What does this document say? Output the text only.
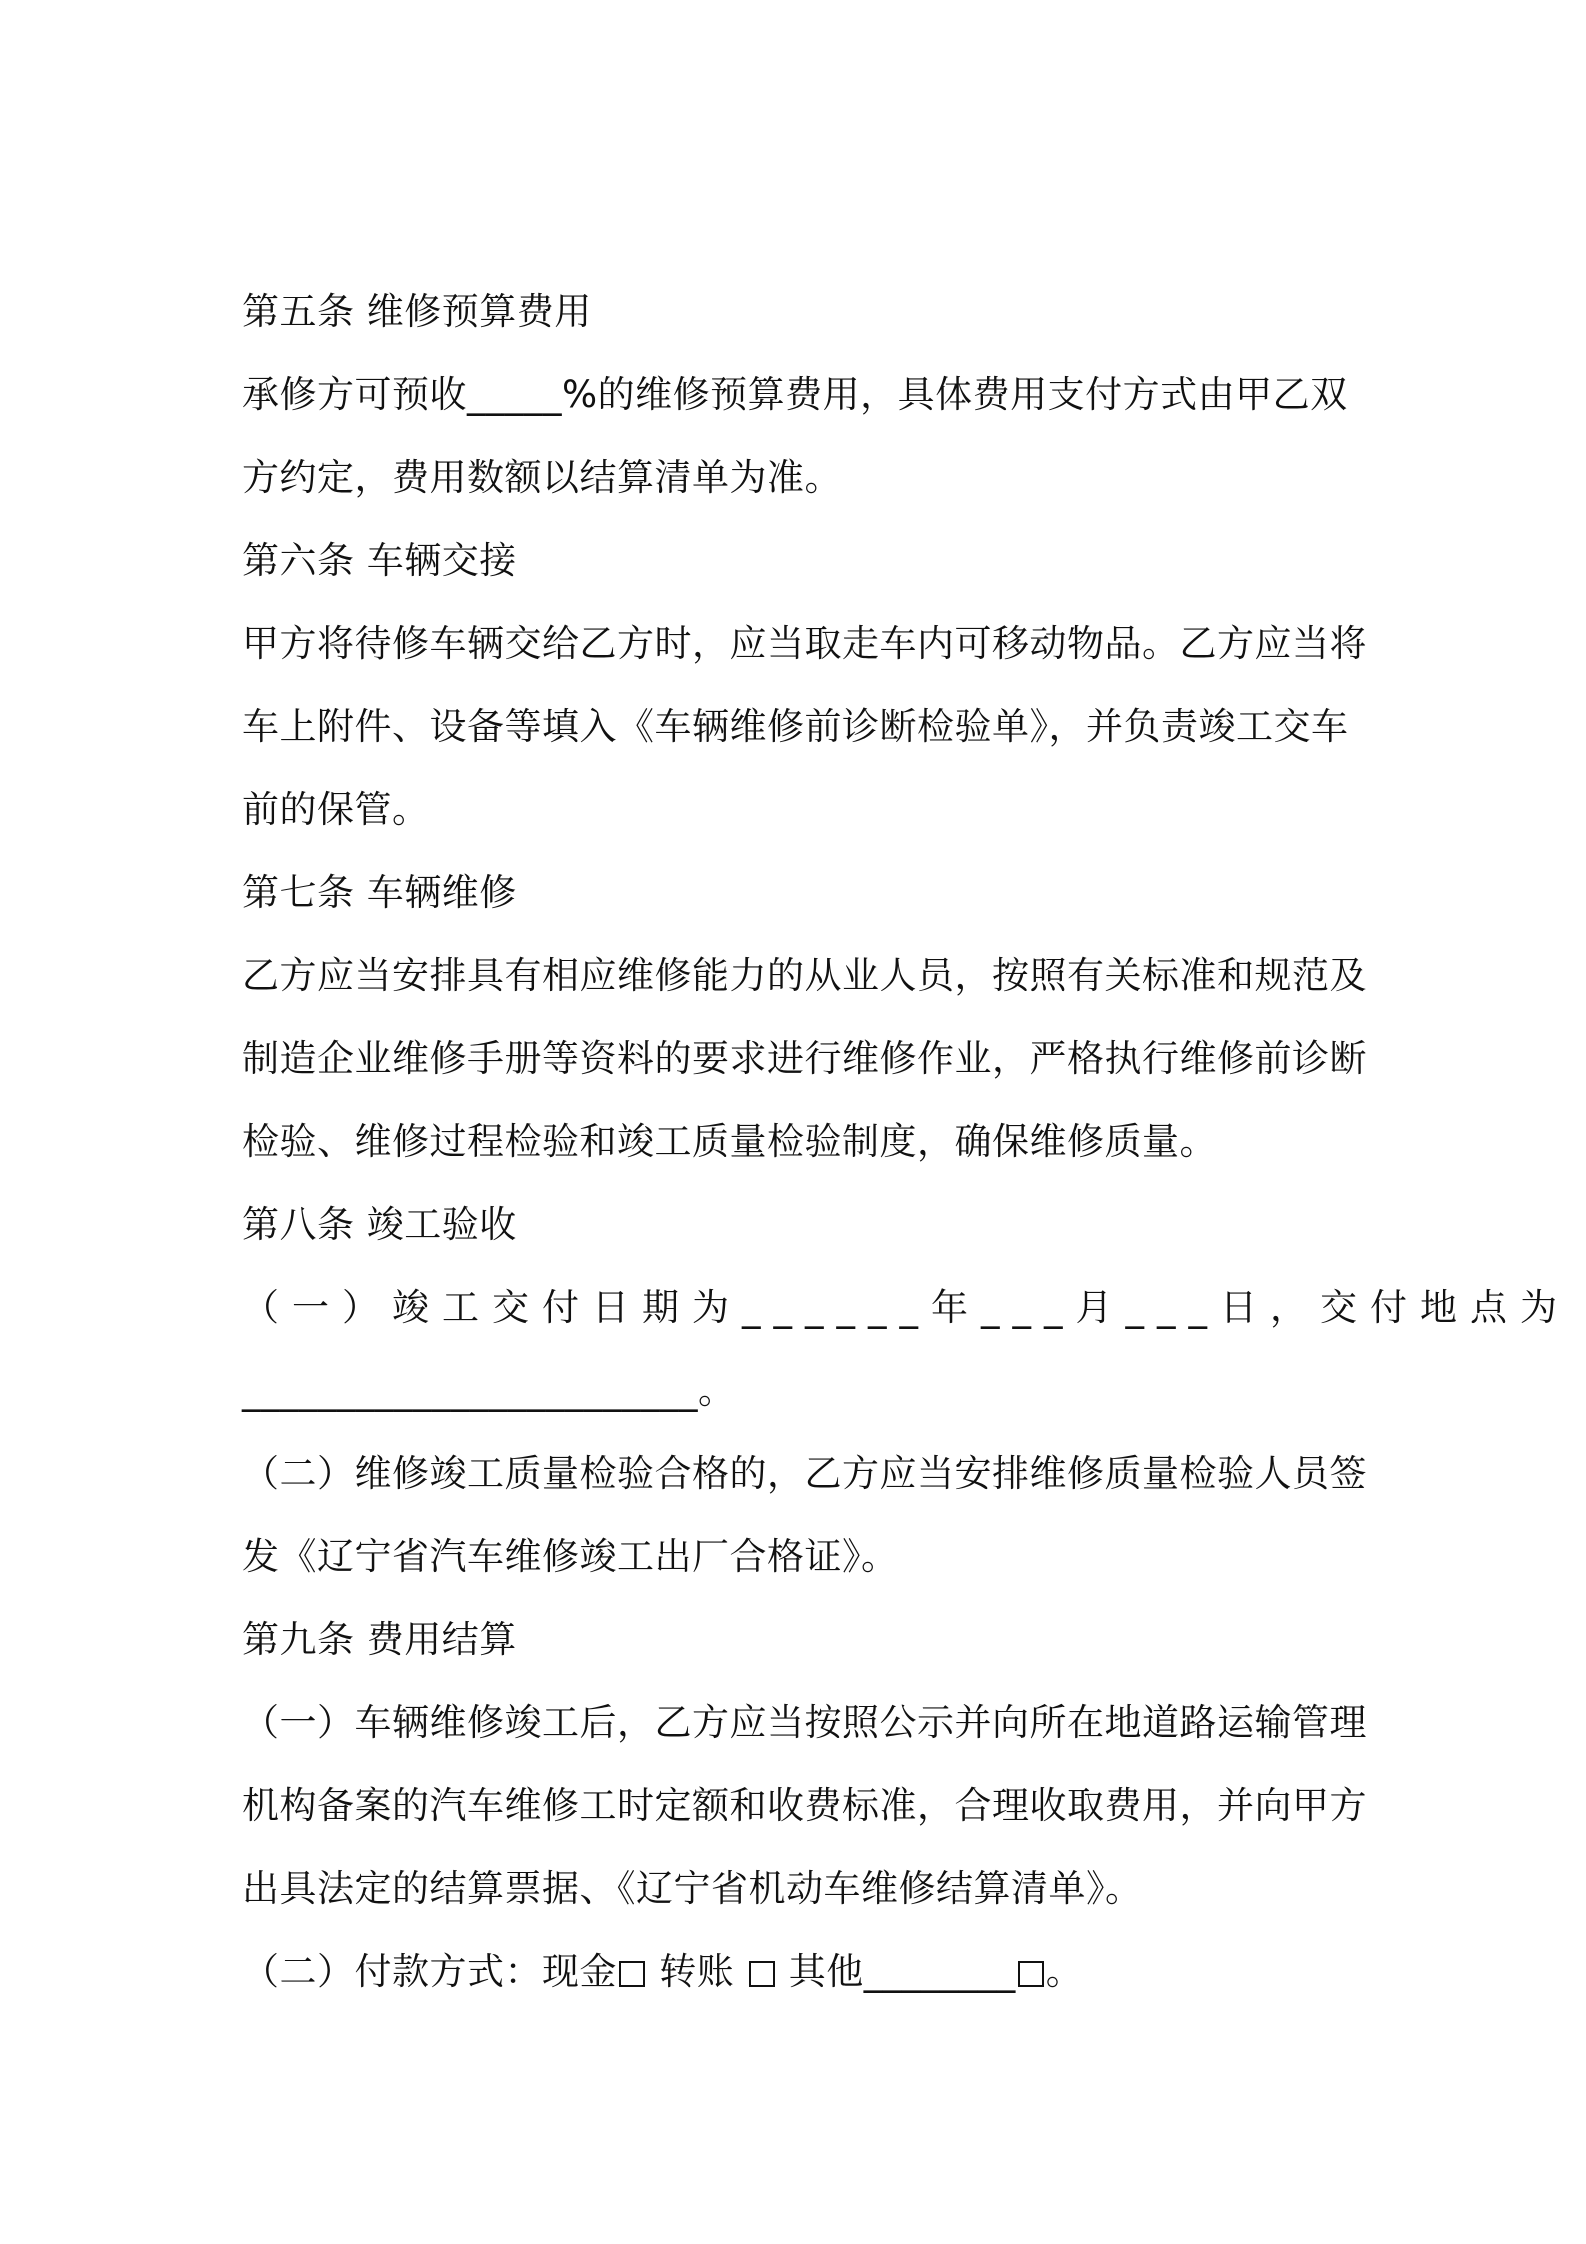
第五条 维修预算费用
承修方可预收_____%的维修预算费用，具体费用支付方式由甲乙双
方约定，费用数额以结算清单为准。
第六条 车辆交接
甲方将待修车辆交给乙方时，应当取走车内可移动物品。乙方应当将
车上附件、设备等填入《车辆维修前诊断检验单》，并负责竣工交车
前的保管。
第七条 车辆维修
乙方应当安排具有相应维修能力的从业人员，按照有关标准和规范及
制造企业维修手册等资料的要求进行维修作业，严格执行维修前诊断
检验、维修过程检验和竣工质量检验制度，确保维修质量。
第八条 竣工验收
（一）竣工交付日期为______年___月___日，交付地点为
________________________。
（二）维修竣工质量检验合格的，乙方应当安排维修质量检验人员签
发《辽宁省汽车维修竣工出厂合格证》。
第九条 费用结算
（一）车辆维修竣工后，乙方应当按照公示并向所在地道路运输管理
机构备案的汽车维修工时定额和收费标准，合理收取费用，并向甲方
出具法定的结算票据、《辽宁省机动车维修结算清单》。
（二）付款方式：现金 转账  其他________ 。
